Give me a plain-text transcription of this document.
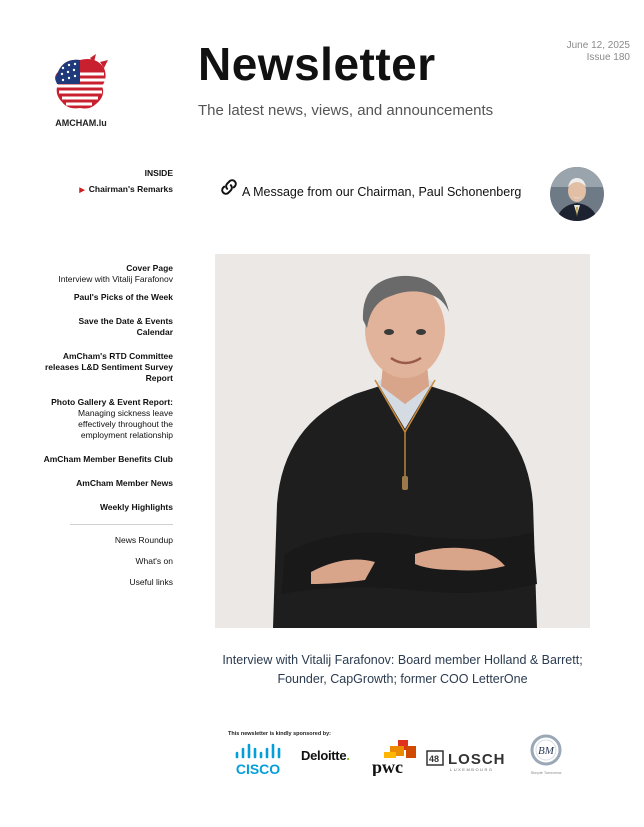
AMCHAM.lu
Newsletter
The latest news, views, and announcements
June 12, 2025
Issue 180
INSIDE
▶ Chairman's Remarks
Cover Page
Interview with Vitalij Farafonov
Paul's Picks of the Week
Save the Date & Events Calendar
AmCham's RTD Committee releases L&D Sentiment Survey Report
Photo Gallery & Event Report: Managing sickness leave effectively throughout the employment relationship
AmCham Member Benefits Club
AmCham Member News
Weekly Highlights
News Roundup
What's on
Useful links
A Message from our Chairman, Paul Schonenberg
Interview with Vitalij Farafonov: Board member Holland & Barrett; Founder, CapGrowth; former COO LetterOne
This newsletter is kindly sponsored by:
CISCO
Deloitte.
pwc	48 LOSCH
LUXEMBOURG
BM
Simple Tomorrow
